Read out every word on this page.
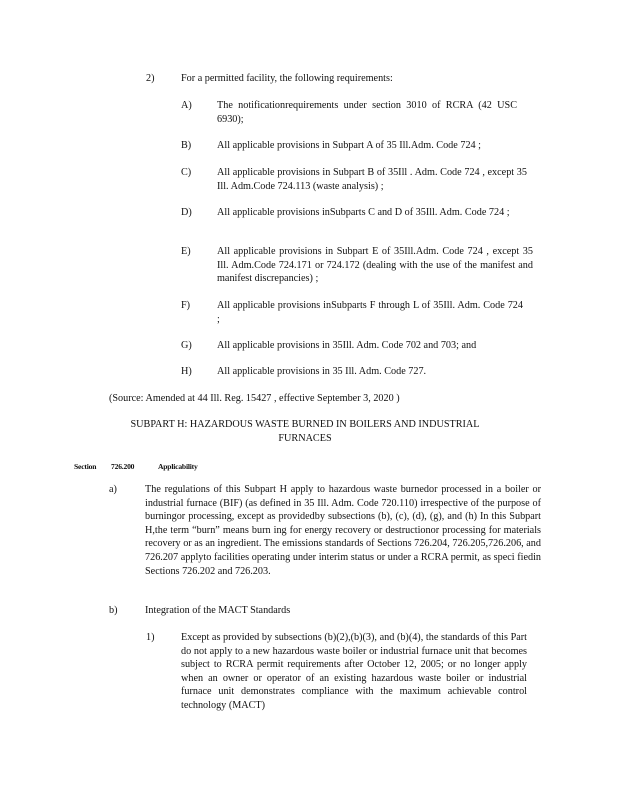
2)	For a permitted facility, the following requirements:
A) The notificationrequirements under section 3010 of RCRA (42 USC 6930);
B)	All applicable provisions in Subpart A of 35 Ill.Adm. Code 724 ;
C)	All applicable provisions in Subpart B of 35Ill . Adm. Code 724 , except 35 Ill. Adm.Code 724.113 (waste analysis) ;
D) All applicable provisions inSubparts C and D of 35Ill. Adm. Code 724 ;
E)	All applicable provisions in Subpart E of 35Ill.Adm. Code 724 , except 35 Ill. Adm.Code 724.171 or 724.172 (dealing with the use of the manifest and manifest discrepancies) ;
F)	All applicable provisions inSubparts F through L of 35Ill. Adm. Code 724 ;
G) All applicable provisions in 35Ill. Adm. Code 702 and 703; and
H) All applicable provisions in 35 Ill. Adm. Code 727.
(Source: Amended at 44 Ill. Reg. 15427 , effective September 3, 2020 )
SUBPART H: HAZARDOUS WASTE BURNED IN BOILERS AND INDUSTRIAL FURNACES
Section 726.200	Applicability
a)	The regulations of this Subpart H apply to hazardous waste burnedor processed in a boiler or industrial furnace (BIF) (as defined in 35 Ill. Adm. Code 720.110) irrespective of the purpose of burningor processing, except as providedby subsections (b), (c), (d), (g), and (h) In this Subpart H,the term “burn” means burn ing for energy recovery or destructionor processing for materials recovery or as an ingredient. The emissions standards of Sections 726.204, 726.205,726.206, and 726.207 applyto facilities operating under interim status or under a RCRA permit, as speci fiedin Sections 726.202 and 726.203.
b)	Integration of the MACT Standards
1)	Except as provided by subsections (b)(2),(b)(3), and (b)(4), the standards of this Part do not apply to a new hazardous waste boiler or industrial furnace unit that becomes subject to RCRA permit requirements after October 12, 2005; or no longer apply when an owner or operator of an existing hazardous waste boiler or industrial furnace unit demonstrates compliance with the maximum achievable control technology (MACT)
